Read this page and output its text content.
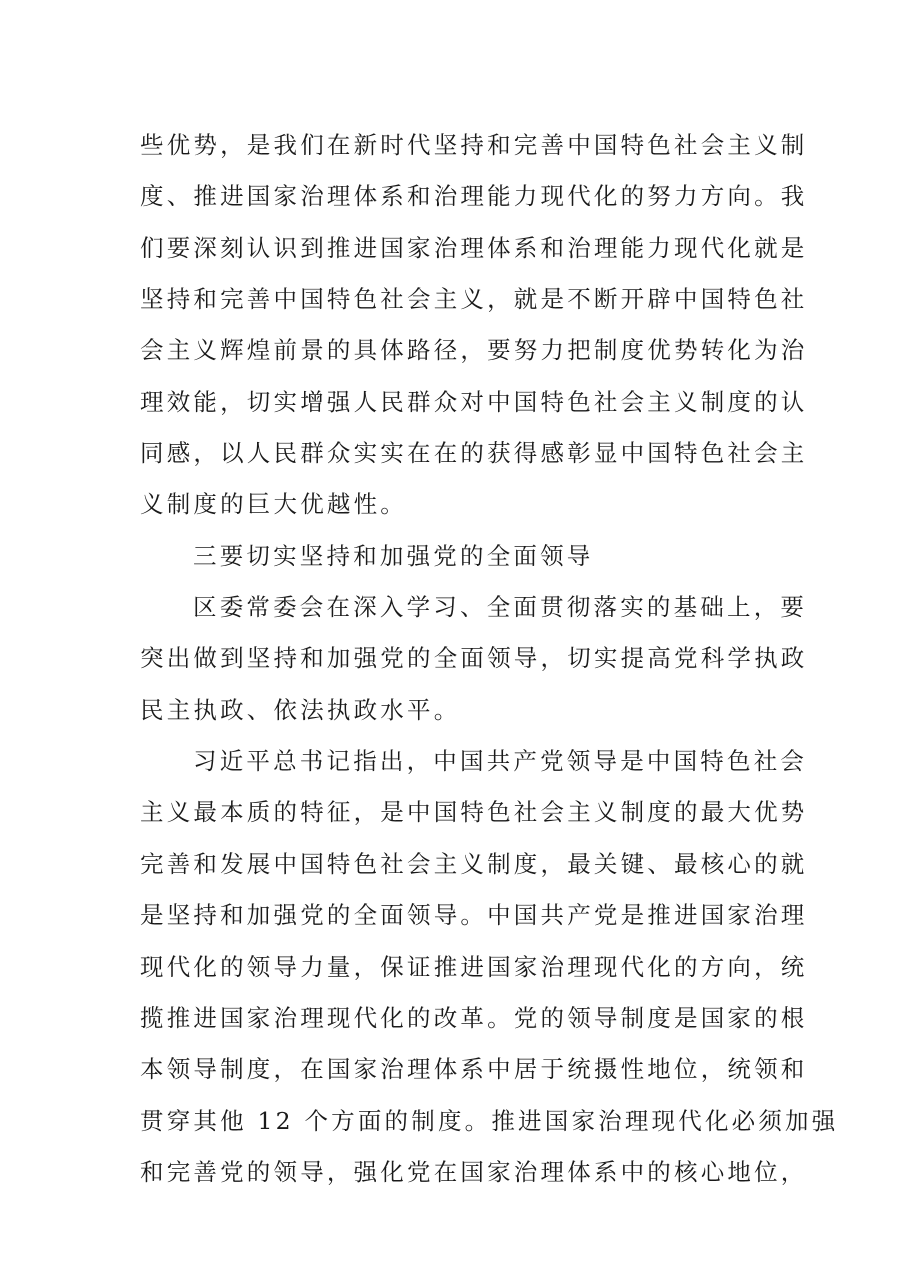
些优势，是我们在新时代坚持和完善中国特色社会主义制
度、推进国家治理体系和治理能力现代化的努力方向。我
们要深刻认识到推进国家治理体系和治理能力现代化就是
坚持和完善中国特色社会主义，就是不断开辟中国特色社
会主义辉煌前景的具体路径，要努力把制度优势转化为治
理效能，切实增强人民群众对中国特色社会主义制度的认
同感，以人民群众实实在在的获得感彰显中国特色社会主
义制度的巨大优越性。
三要切实坚持和加强党的全面领导
区委常委会在深入学习、全面贯彻落实的基础上，要
突出做到坚持和加强党的全面领导，切实提高党科学执政
民主执政、依法执政水平。
习近平总书记指出，中国共产党领导是中国特色社会
主义最本质的特征，是中国特色社会主义制度的最大优势
完善和发展中国特色社会主义制度，最关键、最核心的就
是坚持和加强党的全面领导。中国共产党是推进国家治理
现代化的领导力量，保证推进国家治理现代化的方向，统
揽推进国家治理现代化的改革。党的领导制度是国家的根
本领导制度，在国家治理体系中居于统摄性地位，统领和
贯穿其他 12 个方面的制度。推进国家治理现代化必须加强
和完善党的领导，强化党在国家治理体系中的核心地位，
